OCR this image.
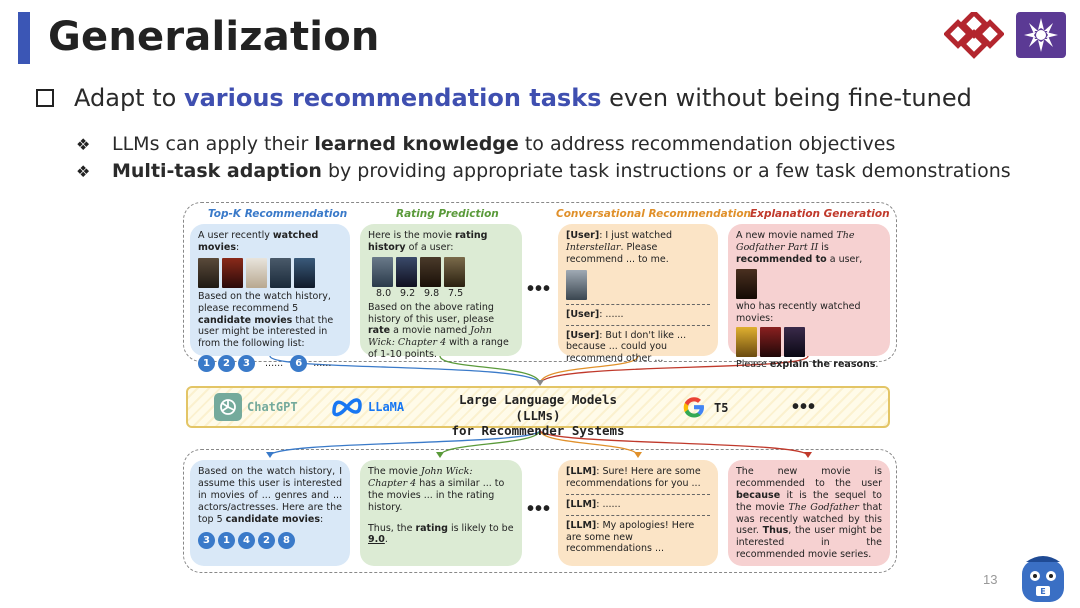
Generalization
Adapt to various recommendation tasks even without being fine-tuned
❖ LLMs can apply their learned knowledge to address recommendation objectives
❖ Multi-task adaption by providing appropriate task instructions or a few task demonstrations
Top-K Recommendation	Rating Prediction	Conversational Recommendation
Explanation Generation
A user recently watched movies:
Based on the watch history, please recommend 5 candidate movies that the user might be interested in from the following list:
1 2 3 ...... 6 ......
Here is the movie rating history of a user:
8.0 9.2 9.8 7.5
Based on the above rating history of this user, please rate a movie named John Wick: Chapter 4 with a range of 1-10 points.
•••
[User]: I just watched Interstellar. Please recommend ... to me.
[User]: ......
[User]: But I don't like ... because ... could you recommend other ...
A new movie named The Godfather Part II is recommended to a user,
who has recently watched movies:
Please explain the reasons.
ChatGPT	LLaMA	Large Language Models (LLMs)
for Recommender Systems
T5	•••
Based on the watch history, I assume this user is interested in movies of ... genres and ... actors/actresses. Here are the top 5 candidate movies:
3 1 4 2 8
The movie John Wick: Chapter 4 has a similar ... to the movies ... in the rating history.
Thus, the rating is likely to be 9.0.
•••
[LLM]: Sure! Here are some recommendations for you ...
[LLM]: ......
[LLM]: My apologies! Here are some new recommendations ...
The new movie is recommended to the user because it is the sequel to the movie The Godfather that was recently watched by this user. Thus, the user might be interested in the recommended movie series.
13
E
